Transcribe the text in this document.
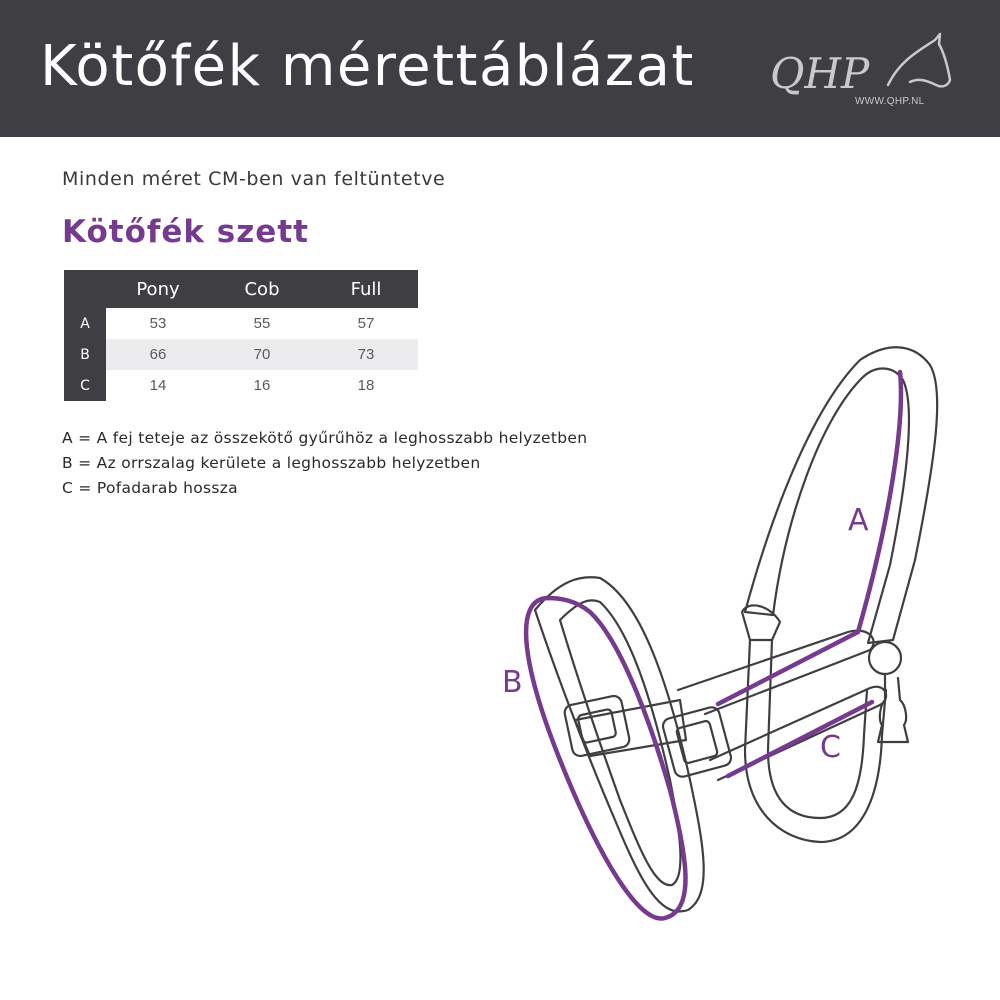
Kötőfék mérettáblázat QHP
WWW.QHP.NL
Minden méret CM-ben van feltüntetve
Kötőfék szett
	Pony	Cob	Full
A	53	55	57
B	66	70	73
C	14	16	18
A = A fej teteje az összekötő gyűrűhöz a leghosszabb helyzetben
B = Az orrszalag kerülete a leghosszabb helyzetben
C = Pofadarab hossza
A
B
C
